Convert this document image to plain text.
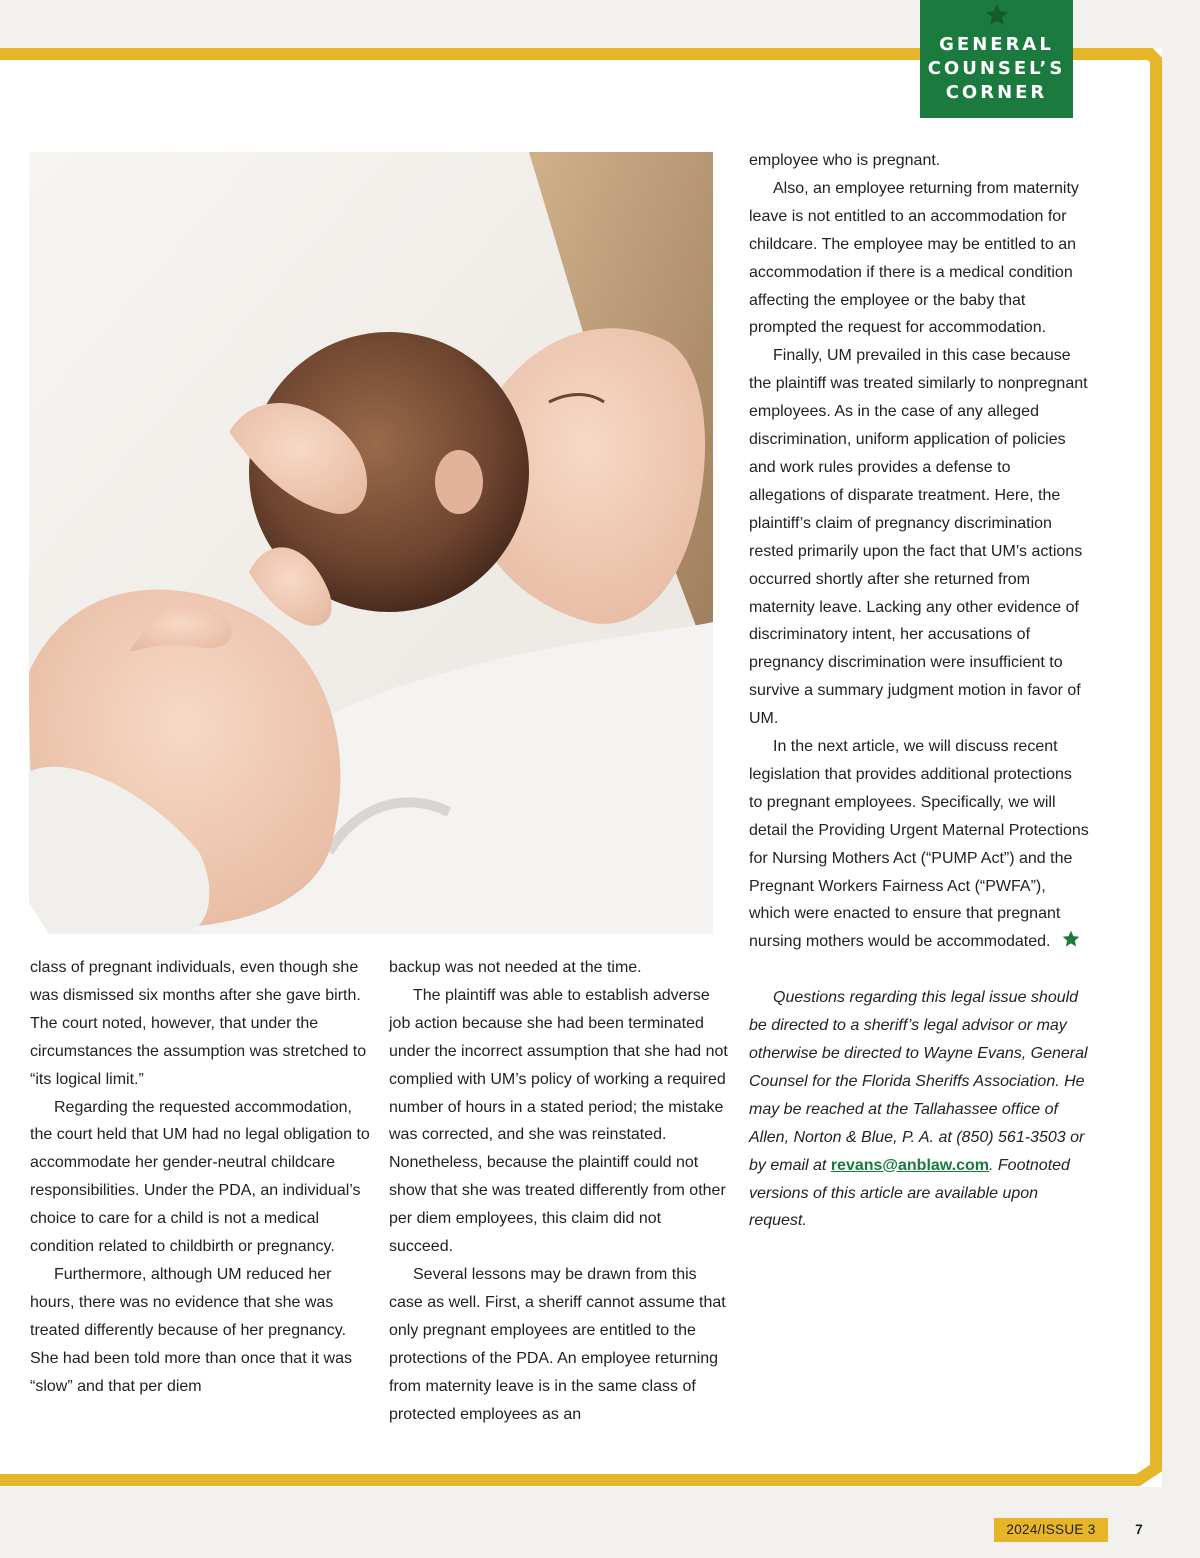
GENERAL
COUNSEL’S
CORNER

class of pregnant individuals, even though she was dismissed six months after she gave birth. The court noted, however, that under the circumstances the assumption was stretched to “its logical limit.”

Regarding the requested accommodation, the court held that UM had no legal obligation to accommodate her gender-neutral childcare responsibilities. Under the PDA, an individual’s choice to care for a child is not a medical condition related to childbirth or pregnancy.

Furthermore, although UM reduced her hours, there was no evidence that she was treated differently because of her pregnancy. She had been told more than once that it was “slow” and that per diem

backup was not needed at the time.

The plaintiff was able to establish adverse job action because she had been terminated under the incorrect assumption that she had not complied with UM’s policy of working a required number of hours in a stated period; the mistake was corrected, and she was reinstated. Nonetheless, because the plaintiff could not show that she was treated differently from other per diem employees, this claim did not succeed.

Several lessons may be drawn from this case as well. First, a sheriff cannot assume that only pregnant employees are entitled to the protections of the PDA. An employee returning from maternity leave is in the same class of protected employees as an

employee who is pregnant.

Also, an employee returning from maternity leave is not entitled to an accommodation for childcare. The employee may be entitled to an accommodation if there is a medical condition affecting the employee or the baby that prompted the request for accommodation.

Finally, UM prevailed in this case because the plaintiff was treated similarly to nonpregnant employees. As in the case of any alleged discrimination, uniform application of policies and work rules provides a defense to allegations of disparate treatment. Here, the plaintiff’s claim of pregnancy discrimination rested primarily upon the fact that UM’s actions occurred shortly after she returned from maternity leave. Lacking any other evidence of discriminatory intent, her accusations of pregnancy discrimination were insufficient to survive a summary judgment motion in favor of UM.

In the next article, we will discuss recent legislation that provides additional protections to pregnant employees. Specifically, we will detail the Providing Urgent Maternal Protections for Nursing Mothers Act (“PUMP Act”) and the Pregnant Workers Fairness Act (“PWFA”), which were enacted to ensure that pregnant nursing mothers would be accommodated.

Questions regarding this legal issue should be directed to a sheriff’s legal advisor or may otherwise be directed to Wayne Evans, General Counsel for the Florida Sheriffs Association. He may be reached at the Tallahassee office of Allen, Norton & Blue, P. A. at (850) 561-3503 or by email at revans@anblaw.com. Footnoted versions of this article are available upon request.

2024/ISSUE 3	7
